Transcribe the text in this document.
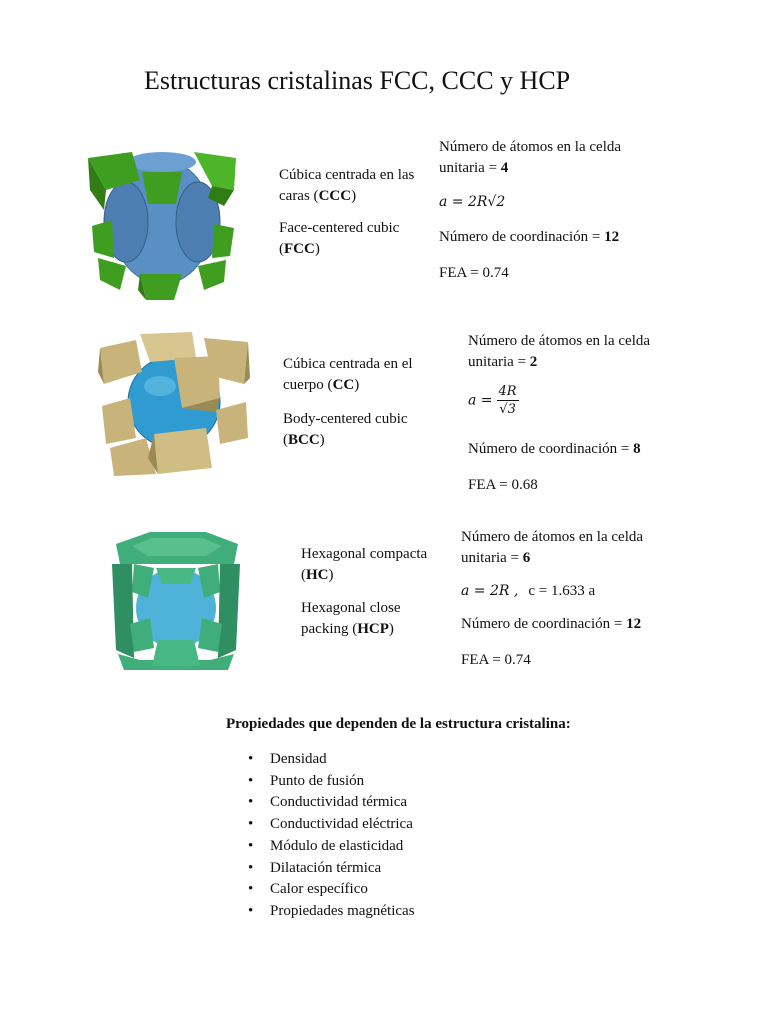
Estructuras cristalinas FCC, CCC y HCP
Cúbica centrada en las caras (CCC)
Face-centered cubic (FCC)
Número de átomos en la celda unitaria = 4
a = 2R√2
Número de coordinación = 12
FEA = 0.74
Cúbica centrada en el cuerpo (CC)
Body-centered cubic (BCC)
Número de átomos en la celda unitaria = 2
$a = \frac{4R}{√3}$
Número de coordinación = 8
FEA = 0.68
Hexagonal compacta (HC)
Hexagonal close packing (HCP)
Número de átomos en la celda unitaria = 6
a = 2R , c = 1.633 a
Número de coordinación = 12
FEA = 0.74
Propiedades que dependen de la estructura cristalina:
• Densidad
• Punto de fusión
• Conductividad térmica
• Conductividad eléctrica
• Módulo de elasticidad
• Dilatación térmica
• Calor específico
• Propiedades magnéticas
